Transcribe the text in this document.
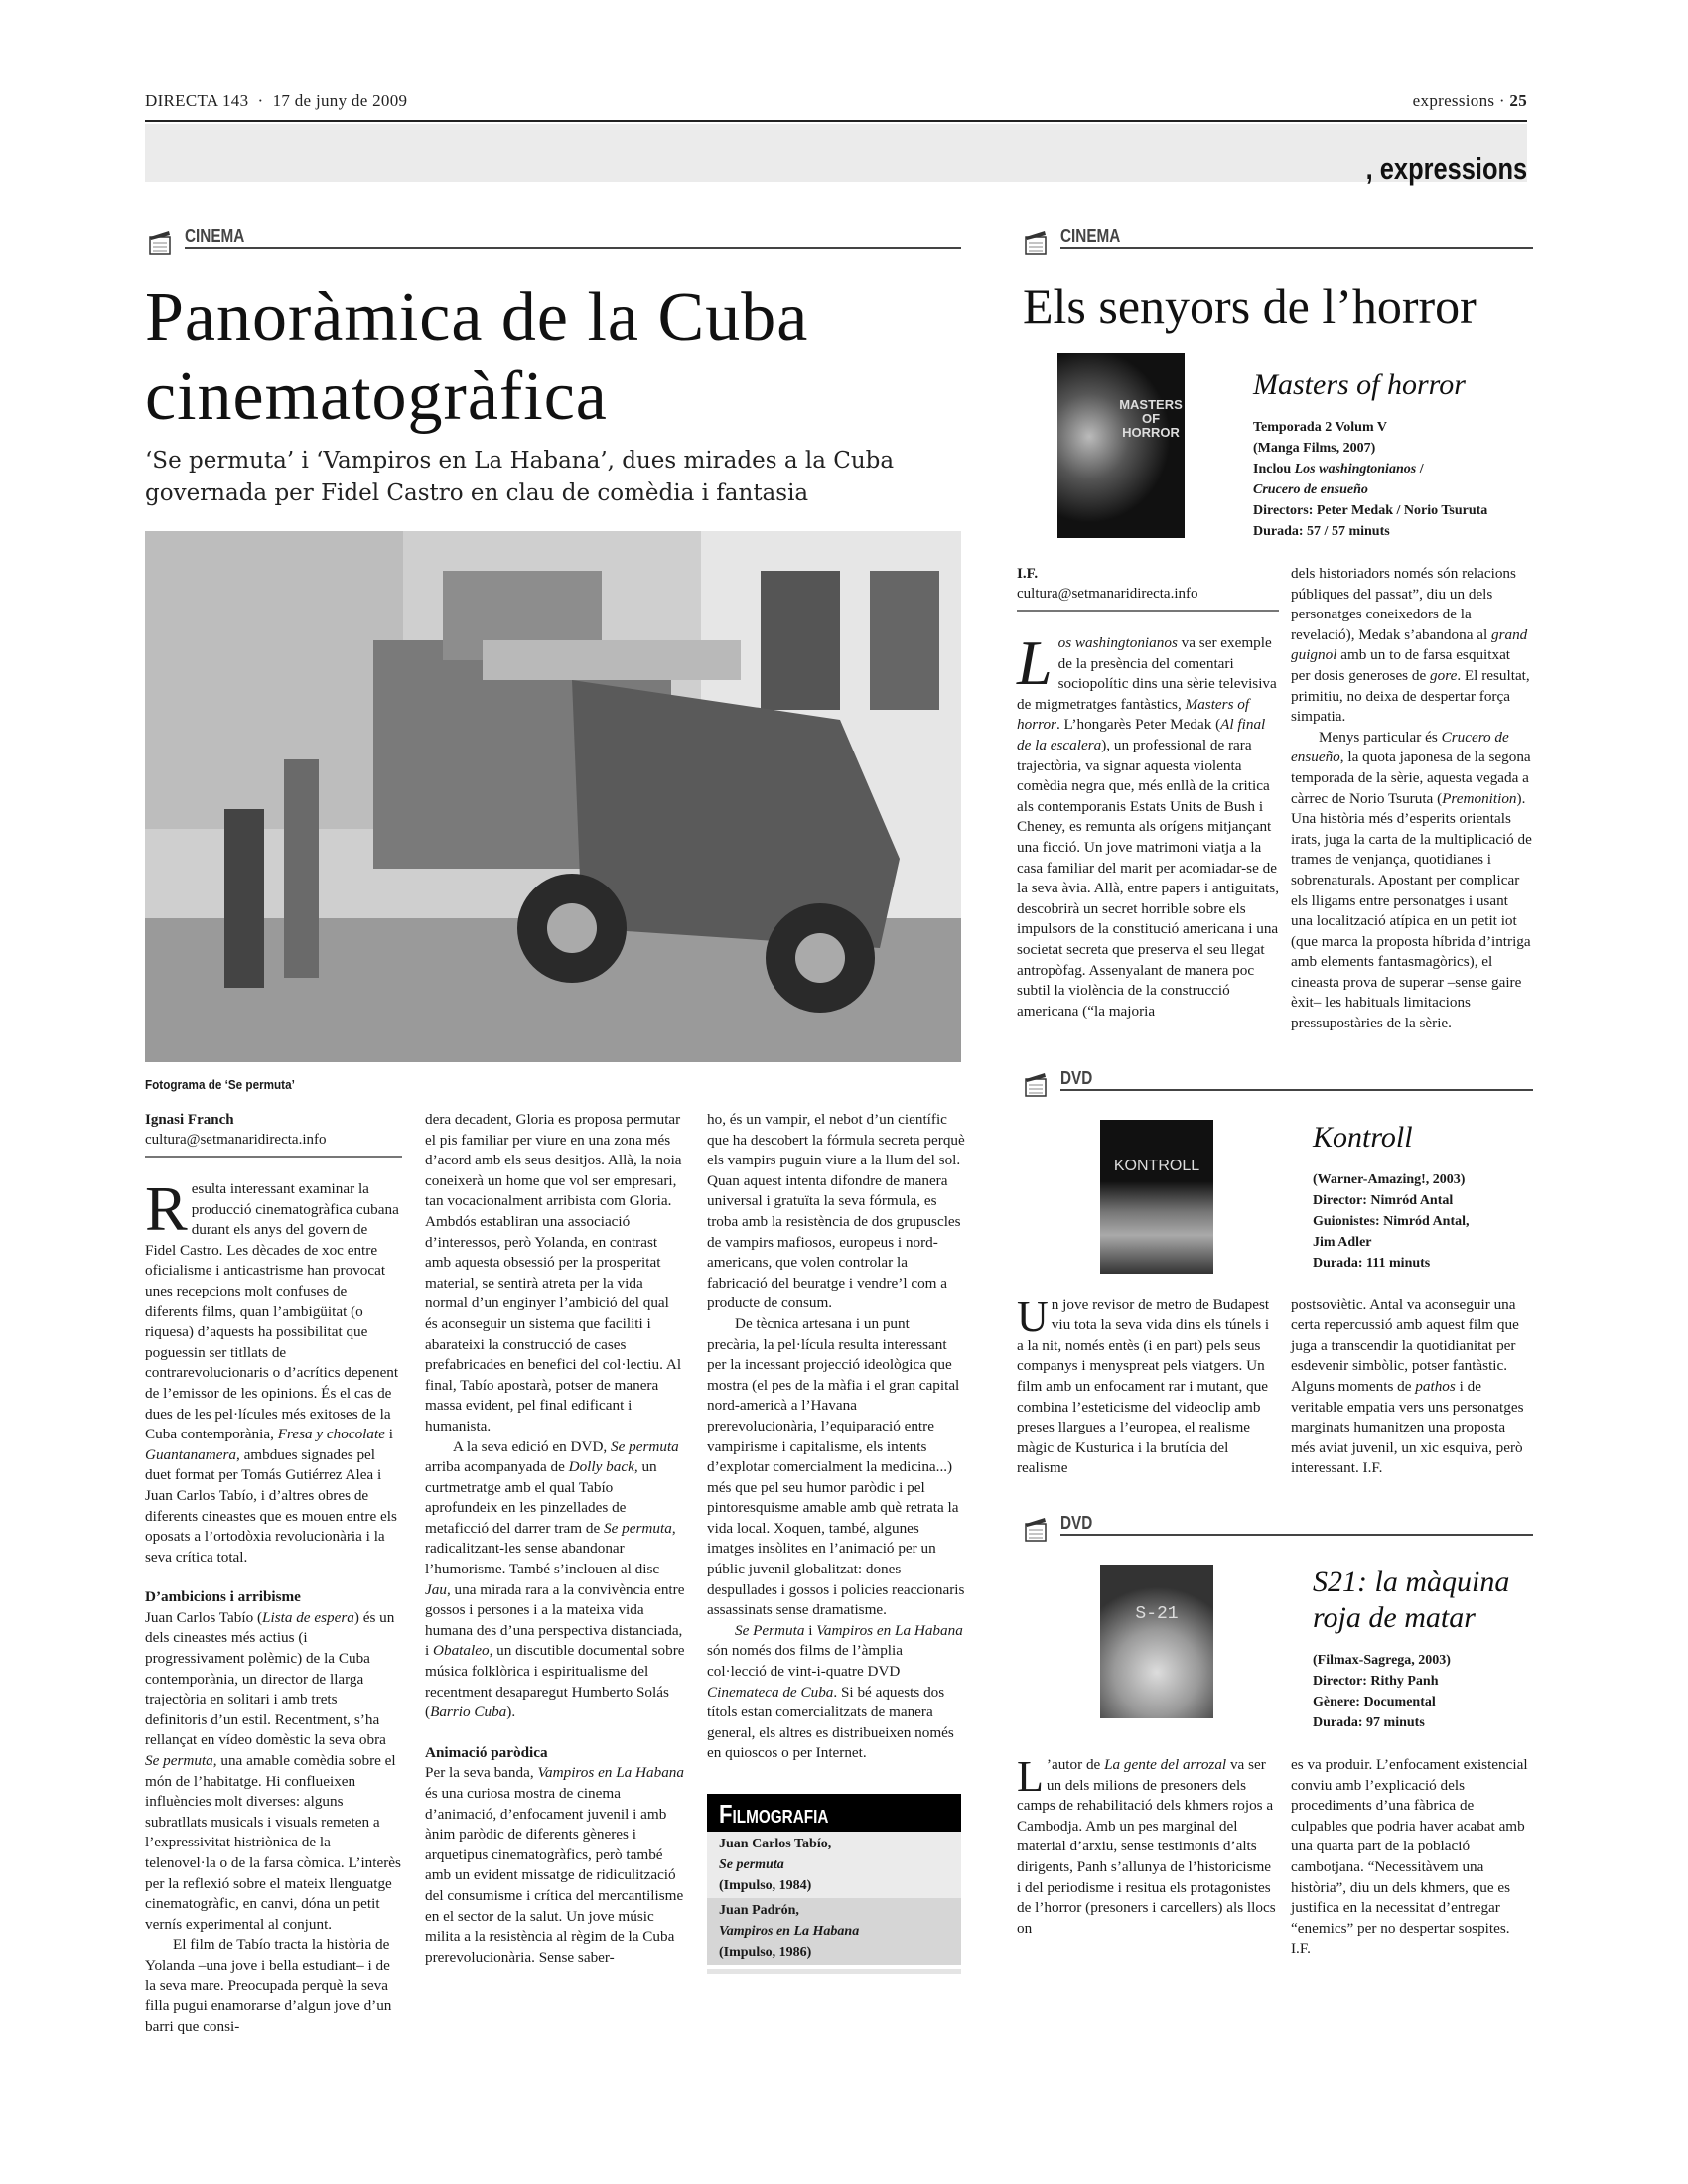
DIRECTA 143 · 17 de juny de 2009	expressions · 25
, expressions
CINEMA
Panoràmica de la Cuba cinematogràfica
‘Se permuta’ i ‘Vampiros en La Habana’, dues mirades a la Cuba governada per Fidel Castro en clau de comèdia i fantasia
Fotograma de ‘Se permuta’
Ignasi Franch
cultura@setmanaridirecta.info

Resulta interessant examinar la producció cinematogràfica cubana durant els anys del govern de Fidel Castro. Les dècades de xoc entre oficialisme i anticastrisme han provocat unes recepcions molt confuses de diferents films, quan l’ambigüitat (o riquesa) d’aquests ha possibilitat que poguessin ser titllats de contrarevolucionaris o d’acrítics depenent de l’emissor de les opinions. És el cas de dues de les pel·lícules més exitoses de la Cuba contemporània, Fresa y chocolate i Guantanamera, ambdues signades pel duet format per Tomás Gutiérrez Alea i Juan Carlos Tabío, i d’altres obres de diferents cineastes que es mouen entre els oposats a l’ortodòxia revolucionària i la seva crítica total.

D’ambicions i arribisme

Juan Carlos Tabío (Lista de espera) és un dels cineastes més actius (i progressivament polèmic) de la Cuba contemporània, un director de llarga trajectòria en solitari i amb trets definitoris d’un estil. Recentment, s’ha rellançat en vídeo domèstic la seva obra Se permuta, una amable comèdia sobre el món de l’habitatge. Hi conflueixen influències molt diverses: alguns subratllats musicals i visuals remeten a l’expressivitat histriònica de la telenovel·la o de la farsa còmica. L’interès per la reflexió sobre el mateix llenguatge cinematogràfic, en canvi, dóna un petit vernís experimental al conjunt.

El film de Tabío tracta la història de Yolanda –una jove i bella estudiant– i de la seva mare. Preocupada perquè la seva filla pugui enamorarse d’algun jove d’un barri que consi-

dera decadent, Gloria es proposa permutar el pis familiar per viure en una zona més d’acord amb els seus desitjos. Allà, la noia coneixerà un home que vol ser empresari, tan vocacionalment arribista com Gloria. Ambdós establiran una associació d’interessos, però Yolanda, en contrast amb aquesta obsessió per la prosperitat material, se sentirà atreta per la vida normal d’un enginyer l’ambició del qual és aconseguir un sistema que faciliti i abarateixi la construcció de cases prefabricades en benefici del col·lectiu. Al final, Tabío apostarà, potser de manera massa evident, pel final edificant i humanista.

A la seva edició en DVD, Se permuta arriba acompanyada de Dolly back, un curtmetratge amb el qual Tabío aprofundeix en les pinzellades de metaficció del darrer tram de Se permuta, radicalitzant-les sense abandonar l’humorisme. També s’inclouen al disc Jau, una mirada rara a la convivència entre gossos i persones i a la mateixa vida humana des d’una perspectiva distanciada, i Obataleo, un discutible documental sobre música folklòrica i espiritualisme del recentment desaparegut Humberto Solás (Barrio Cuba).

Animació paròdica

Per la seva banda, Vampiros en La Habana és una curiosa mostra de cinema d’animació, d’enfocament juvenil i amb ànim paròdic de diferents gèneres i arquetipus cinematogràfics, però també amb un evident missatge de ridiculització del consumisme i crítica del mercantilisme en el sector de la salut. Un jove músic milita a la resistència al règim de la Cuba prerevolucionària. Sense saber-

ho, és un vampir, el nebot d’un científic que ha descobert la fórmula secreta perquè els vampirs puguin viure a la llum del sol. Quan aquest intenta difondre de manera universal i gratuïta la seva fórmula, es troba amb la resistència de dos grupuscles de vampirs mafiosos, europeus i nord-americans, que volen controlar la fabricació del beuratge i vendre’l com a producte de consum.

De tècnica artesana i un punt precària, la pel·lícula resulta interessant per la incessant projecció ideològica que mostra (el pes de la màfia i el gran capital nord-americà a l’Havana prerevolucionària, l’equiparació entre vampirisme i capitalisme, els intents d’explotar comercialment la medicina...) més que pel seu humor paròdic i pel pintoresquisme amable amb què retrata la vida local. Xoquen, també, algunes imatges insòlites en l’animació per un públic juvenil globalitzat: dones despullades i gossos i policies reaccionaris assassinats sense dramatisme.

Se Permuta i Vampiros en La Habana són només dos films de l’àmplia col·lecció de vint-i-quatre DVD Cinemateca de Cuba. Si bé aquests dos títols estan comercialitzats de manera general, els altres es distribueixen només en quioscos o per Internet.

Filmografia
Juan Carlos Tabío,
Se permuta
(Impulso, 1984)
Juan Padrón,
Vampiros en La Habana
(Impulso, 1986)
CINEMA
Els senyors de l’horror
MASTERS OF HORROR
Masters of horror
Temporada 2 Volum V
(Manga Films, 2007)
Inclou Los washingtonianos /
Crucero de ensueño
Directors: Peter Medak / Norio Tsuruta
Durada: 57 / 57 minuts
I.F.
cultura@setmanaridirecta.info

Los washingtonianos va ser exemple de la presència del comentari sociopolític dins una sèrie televisiva de migmetratges fantàstics, Masters of horror. L’hongarès Peter Medak (Al final de la escalera), un professional de rara trajectòria, va signar aquesta violenta comèdia negra que, més enllà de la critica als contemporanis Estats Units de Bush i Cheney, es remunta als orígens mitjançant una ficció. Un jove matrimoni viatja a la casa familiar del marit per acomiadar-se de la seva àvia. Allà, entre papers i antiguitats, descobrirà un secret horrible sobre els impulsors de la constitució americana i una societat secreta que preserva el seu llegat antropòfag. Assenyalant de manera poc subtil la violència de la construcció americana (“la majoria

dels historiadors només són relacions públiques del passat”, diu un dels personatges coneixedors de la revelació), Medak s’abandona al grand guignol amb un to de farsa esquitxat per dosis generoses de gore. El resultat, primitiu, no deixa de despertar força simpatia.

Menys particular és Crucero de ensueño, la quota japonesa de la segona temporada de la sèrie, aquesta vegada a càrrec de Norio Tsuruta (Premonition). Una història més d’esperits orientals irats, juga la carta de la multiplicació de trames de venjança, quotidianes i sobrenaturals. Apostant per complicar els lligams entre personatges i usant una localització atípica en un petit iot (que marca la proposta híbrida d’intriga amb elements fantasmagòrics), el cineasta prova de superar –sense gaire èxit– les habituals limitacions pressupostàries de la sèrie.

DVD
KONTROLL
Kontroll
(Warner-Amazing!, 2003)
Director: Nimród Antal
Guionistes: Nimród Antal,
Jim Adler
Durada: 111 minuts

Un jove revisor de metro de Budapest viu tota la seva vida dins els túnels i a la nit, només entès (i en part) pels seus companys i menyspreat pels viatgers. Un film amb un enfocament rar i mutant, que combina l’esteticisme del videoclip amb preses llargues a l’europea, el realisme màgic de Kusturica i la brutícia del realisme

postsoviètic. Antal va aconseguir una certa repercussió amb aquest film que juga a transcendir la quotidianitat per esdevenir simbòlic, potser fantàstic. Alguns moments de pathos i de veritable empatia vers uns personatges marginats humanitzen una proposta més aviat juvenil, un xic esquiva, però interessant. I.F.

DVD
S-21
S21: la màquina roja de matar
(Filmax-Sagrega, 2003)
Director: Rithy Panh
Gènere: Documental
Durada: 97 minuts

L ’autor de La gente del arrozal va ser un dels milions de presoners dels camps de rehabilitació dels khmers rojos a Cambodja. Amb un pes marginal del material d’arxiu, sense testimonis d’alts dirigents, Panh s’allunya de l’historicisme i del periodisme i resitua els protagonistes de l’horror (presoners i carcellers) als llocs on

es va produir. L’enfocament existencial conviu amb l’explicació dels procediments d’una fàbrica de culpables que podria haver acabat amb una quarta part de la població cambotjana. “Necessitàvem una història”, diu un dels khmers, que es justifica en la necessitat d’entregar “enemics” per no despertar sospites. I.F.
